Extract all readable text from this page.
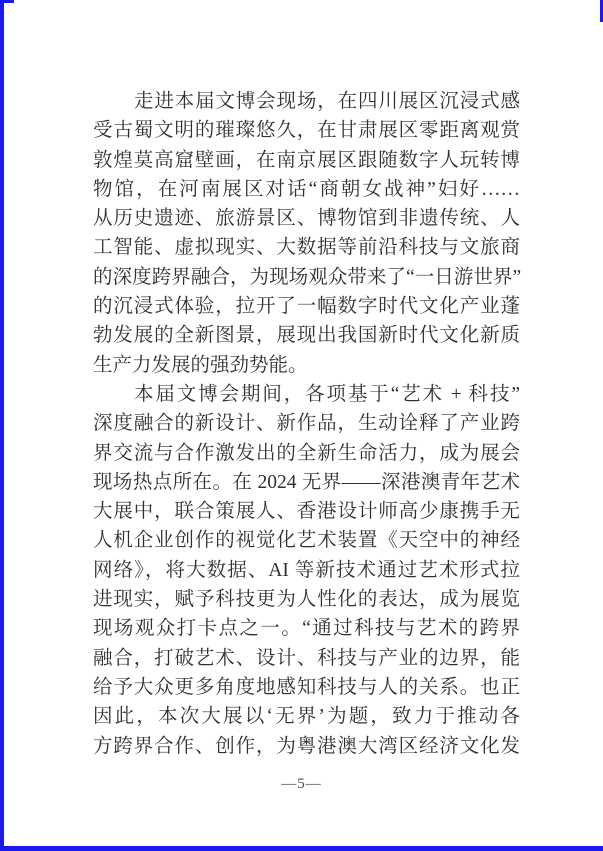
走进本届文博会现场，在四川展区沉浸式感
受古蜀文明的璀璨悠久，在甘肃展区零距离观赏
敦煌莫高窟壁画，在南京展区跟随数字人玩转博
物馆，在河南展区对话“商朝女战神”妇好……
从历史遗迹、旅游景区、博物馆到非遗传统、人
工智能、虚拟现实、大数据等前沿科技与文旅商
的深度跨界融合，为现场观众带来了“一日游世界”
的沉浸式体验，拉开了一幅数字时代文化产业蓬
勃发展的全新图景，展现出我国新时代文化新质
生产力发展的强劲势能。
本届文博会期间，各项基于“艺术 + 科技”
深度融合的新设计、新作品，生动诠释了产业跨
界交流与合作激发出的全新生命活力，成为展会
现场热点所在。在 2024 无界——深港澳青年艺术
大展中，联合策展人、香港设计师高少康携手无
人机企业创作的视觉化艺术装置《天空中的神经
网络》，将大数据、AI 等新技术通过艺术形式拉
进现实，赋予科技更为人性化的表达，成为展览
现场观众打卡点之一。“通过科技与艺术的跨界
融合，打破艺术、设计、科技与产业的边界，能
给予大众更多角度地感知科技与人的关系。也正
因此，本次大展以‘无界’为题，致力于推动各
方跨界合作、创作，为粤港澳大湾区经济文化发
—5—
